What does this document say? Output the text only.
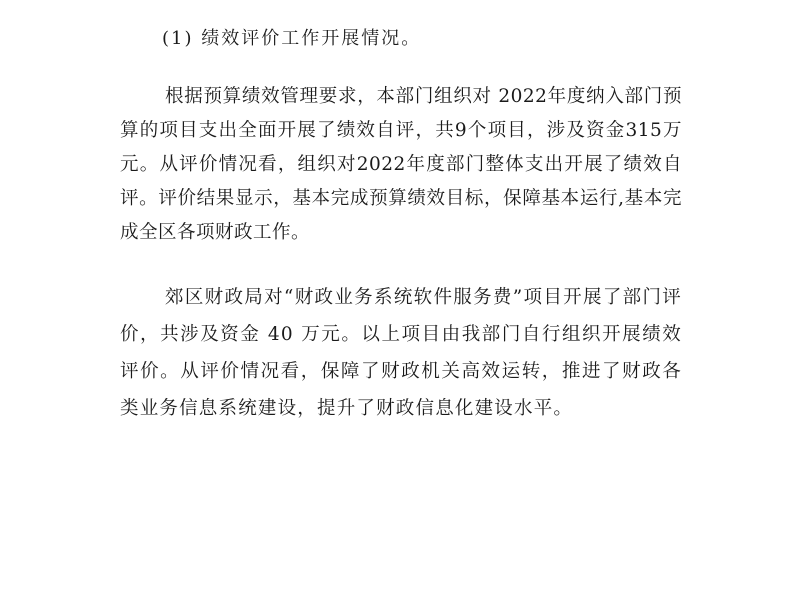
(1) 绩效评价工作开展情况。

根据预算绩效管理要求，本部门组织对 2022年度纳入部门预算的项目支出全面开展了绩效自评，共9个项目，涉及资金315万元。从评价情况看，组织对2022年度部门整体支出开展了绩效自评。评价结果显示，基本完成预算绩效目标，保障基本运行,基本完成全区各项财政工作。

郊区财政局对“财政业务系统软件服务费”项目开展了部门评价，共涉及资金 40 万元。以上项目由我部门自行组织开展绩效评价。从评价情况看，保障了财政机关高效运转，推进了财政各类业务信息系统建设，提升了财政信息化建设水平。
